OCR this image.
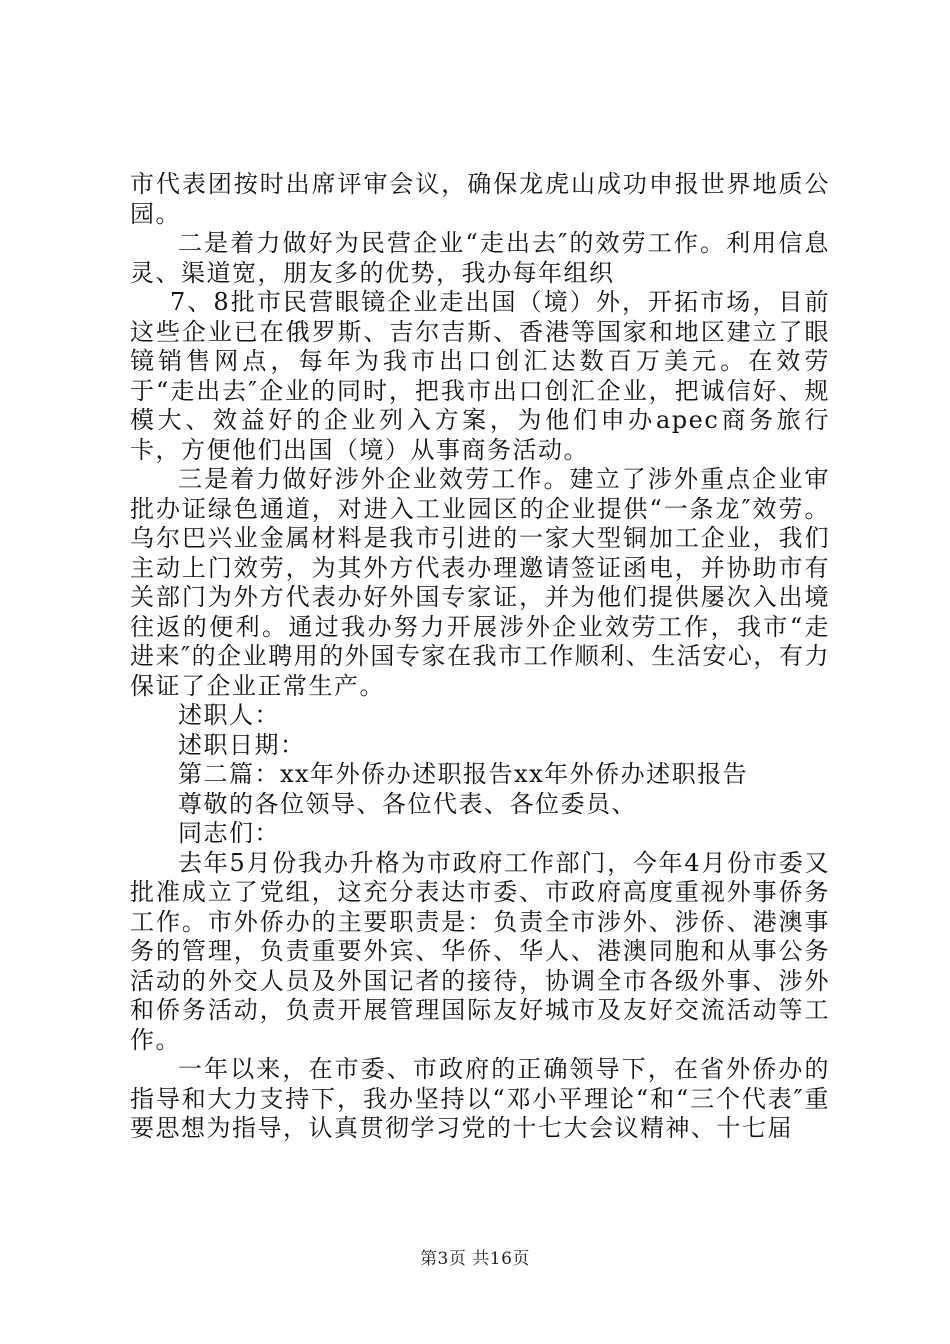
市代表团按时出席评审会议，确保龙虎山成功申报世界地质公园。

二是着力做好为民营企业“走出去″的效劳工作。利用信息灵、渠道宽，朋友多的优势，我办每年组织

7、8批市民营眼镜企业走出国（境）外，开拓市场，目前这些企业已在俄罗斯、吉尔吉斯、香港等国家和地区建立了眼镜销售网点，每年为我市出口创汇达数百万美元。在效劳于“走出去″企业的同时，把我市出口创汇企业，把诚信好、规模大、效益好的企业列入方案，为他们申办apec商务旅行卡，方便他们出国（境）从事商务活动。

三是着力做好涉外企业效劳工作。建立了涉外重点企业审批办证绿色通道，对进入工业园区的企业提供“一条龙″效劳。乌尔巴兴业金属材料是我市引进的一家大型铜加工企业，我们主动上门效劳，为其外方代表办理邀请签证函电，并协助市有关部门为外方代表办好外国专家证，并为他们提供屡次入出境往返的便利。通过我办努力开展涉外企业效劳工作，我市“走进来″的企业聘用的外国专家在我市工作顺利、生活安心，有力保证了企业正常生产。

述职人：

述职日期：

第二篇：xx年外侨办述职报告xx年外侨办述职报告

尊敬的各位领导、各位代表、各位委员、

同志们：

去年5月份我办升格为市政府工作部门，今年4月份市委又批准成立了党组，这充分表达市委、市政府高度重视外事侨务工作。市外侨办的主要职责是：负责全市涉外、涉侨、港澳事务的管理，负责重要外宾、华侨、华人、港澳同胞和从事公务活动的外交人员及外国记者的接待，协调全市各级外事、涉外和侨务活动，负责开展管理国际友好城市及友好交流活动等工作。

一年以来，在市委、市政府的正确领导下，在省外侨办的指导和大力支持下，我办坚持以“邓小平理论“和“三个代表″重要思想为指导，认真贯彻学习党的十七大会议精神、十七届

第3页 共16页
